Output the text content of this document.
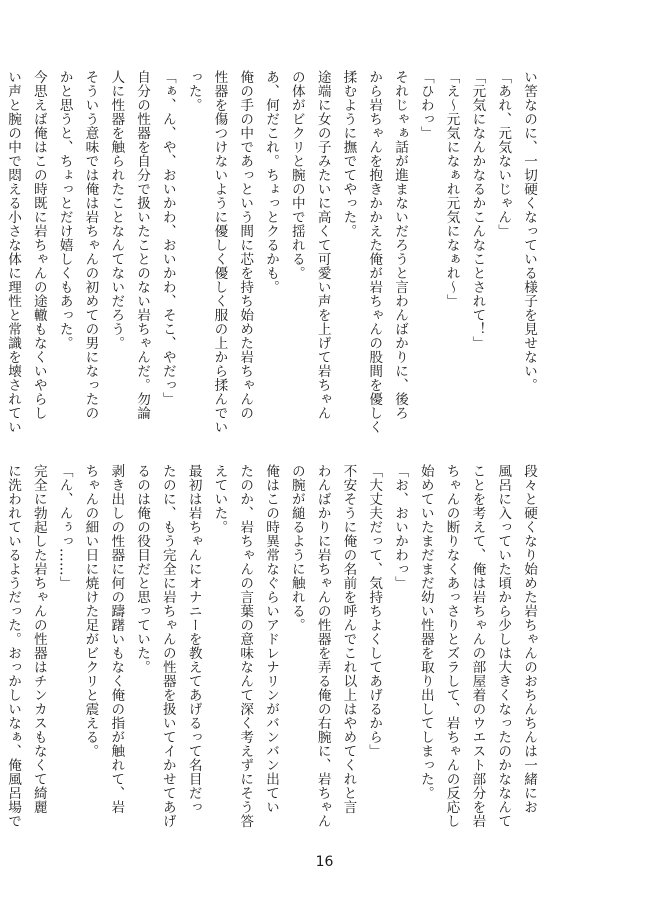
い筈なのに、一切硬くなっている様子を見せない。
「あれ、元気ないじゃん」
「元気になんかなるかこんなことされて！」
「え〜元気になぁれ元気になぁれ〜」
「ひわっ」
それじゃぁ話が進まないだろうと言わんばかりに、後ろ
から岩ちゃんを抱きかかえた俺が岩ちゃんの股間を優しく
揉むように撫でてやった。
途端に女の子みたいに高くて可愛い声を上げて岩ちゃん
の体がビクリと腕の中で揺れる。
あ、何だこれ。ちょっとクるかも。
俺の手の中であっという間に芯を持ち始めた岩ちゃんの
性器を傷つけないように優しく優しく服の上から揉んでい
った。
「ぁ、ん、や、おいかわ、おいかわ、そこ、やだっ」
自分の性器を自分で扱いたことのない岩ちゃんだ。勿論
人に性器を触られたことなんてないだろう。
そういう意味では俺は岩ちゃんの初めての男になったの
かと思うと、ちょっとだけ嬉しくもあった。
今思えば俺はこの時既に岩ちゃんの途轍もなくいやらし
い声と腕の中で悶える小さな体に理性と常識を壊されてい
段々と硬くなり始めた岩ちゃんのおちんちんは一緒にお
風呂に入っていた頃から少しは大きくなったのかななんて
ことを考えて、俺は岩ちゃんの部屋着のウエスト部分を岩
ちゃんの断りなくあっさりとズラして、岩ちゃんの反応し
始めていたまだまだ幼い性器を取り出してしまった。
「お、おいかわっ」
「大丈夫だって、気持ちよくしてあげるから」
不安そうに俺の名前を呼んでこれ以上はやめてくれと言
わんばかりに岩ちゃんの性器を弄る俺の右腕に、岩ちゃん
の腕が縋るように触れる。
俺はこの時異常なぐらいアドレナリンがバンバン出てい
たのか、岩ちゃんの言葉の意味なんて深く考えずにそう答
えていた。
最初は岩ちゃんにオナニーを教えてあげるって名目だっ
たのに、もう完全に岩ちゃんの性器を扱いてイかせてあげ
るのは俺の役目だと思っていた。
剥き出しの性器に何の躊躇いもなく俺の指が触れて、岩
ちゃんの細い日に焼けた足がビクリと震える。
「ん、んぅっ……」
完全に勃起した岩ちゃんの性器はチンカスもなくて綺麗
に洗われているようだった。おっかしいなぁ、俺風呂場で
16
